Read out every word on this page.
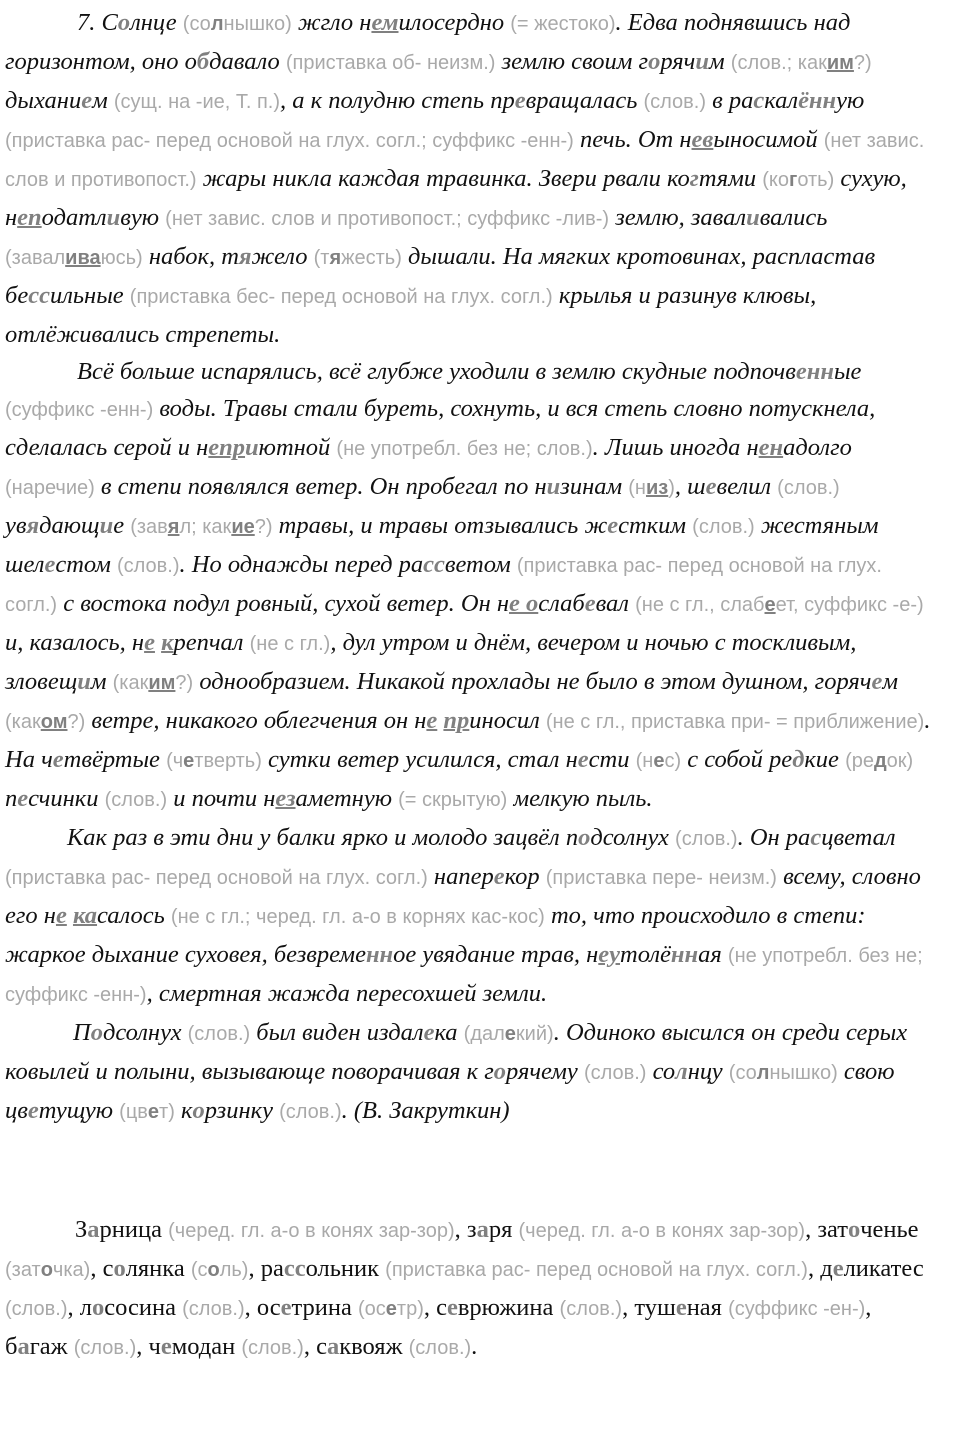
7. Солнце (солнышко) жгло немилосердно (= жестоко). Едва поднявшись над горизонтом, оно обдавало (приставка об- неизм.) землю своим горячим (слов.; каким?) дыханием (сущ. на -ие, Т. п.), а к полудню степь превращалась (слов.) в раскалённую (приставка рас- перед основой на глух. согл.; суффикс -енн-) печь. От невыносимой (нет завис. слов и противопост.) жары никла каждая травинка. Звери рвали когтями (коготь) сухую, неподатливую (нет завис. слов и противопост.; суффикс -лив-) землю, заваливались (заваливаюсь) набок, тяжело (тяжесть) дышали. На мягких кротовинах, распластав бессильные (приставка бес- перед основой на глух. согл.) крылья и разинув клювы, отлёживались стрепеты.

Всё больше испарялись, всё глубже уходили в землю скудные подпочвенные (суффикс -енн-) воды. Травы стали буреть, сохнуть, и вся степь словно потускнела, сделалась серой и неприютной (не употребл. без не; слов.). Лишь иногда ненадолго (наречие) в степи появлялся ветер. Он пробегал по низинам (низ), шевелил (слов.) увядающие (завял; какие?) травы, и травы отзывались жестким (слов.) жестяным шелестом (слов.). Но однажды перед рассветом (приставка рас- перед основой на глух. согл.) с востока подул ровный, сухой ветер. Он не ослабевал (не с гл., слабеет, суффикс -е-) и, казалось, не крепчал (не с гл.), дул утром и днём, вечером и ночью с тоскливым, зловещим (каким?) однообразием. Никакой прохлады не было в этом душном, горячем (каком?) ветре, никакого облегчения он не приносил (не с гл., приставка при- = приближение). На четвёртые (четверть) сутки ветер усилился, стал нести (нес) с собой редкие (редок) песчинки (слов.) и почти незаметную (= скрытую) мелкую пыль.

Как раз в эти дни у балки ярко и молодо зацвёл подсолнух (слов.). Он расцветал (приставка рас- перед основой на глух. согл.) наперекор (приставка пере- неизм.) всему, словно его не касалось (не с гл.; черед. гл. а-о в корнях кас-кос) то, что происходило в степи: жаркое дыхание суховея, безвременное увядание трав, неутолённая (не употребл. без не; суффикс -енн-), смертная жажда пересохшей земли.

Подсолнух (слов.) был виден издалека (далекий). Одиноко высился он среди серых ковылей и полыни, вызывающе поворачивая к горячему (слов.) солнцу (солнышко) свою цветущую (цвет) корзинку (слов.). (В. Закруткин)

Зарница (черед. гл. а-о в конях зар-зор), заря (черед. гл. а-о в конях зар-зор), заточенье (заточка), солянка (соль), рассольник (приставка рас- перед основой на глух. согл.), деликатес (слов.), лососина (слов.), осетрина (осетр), севрюжина (слов.), тушеная (суффикс -ен-), багаж (слов.), чемодан (слов.), саквояж (слов.).
